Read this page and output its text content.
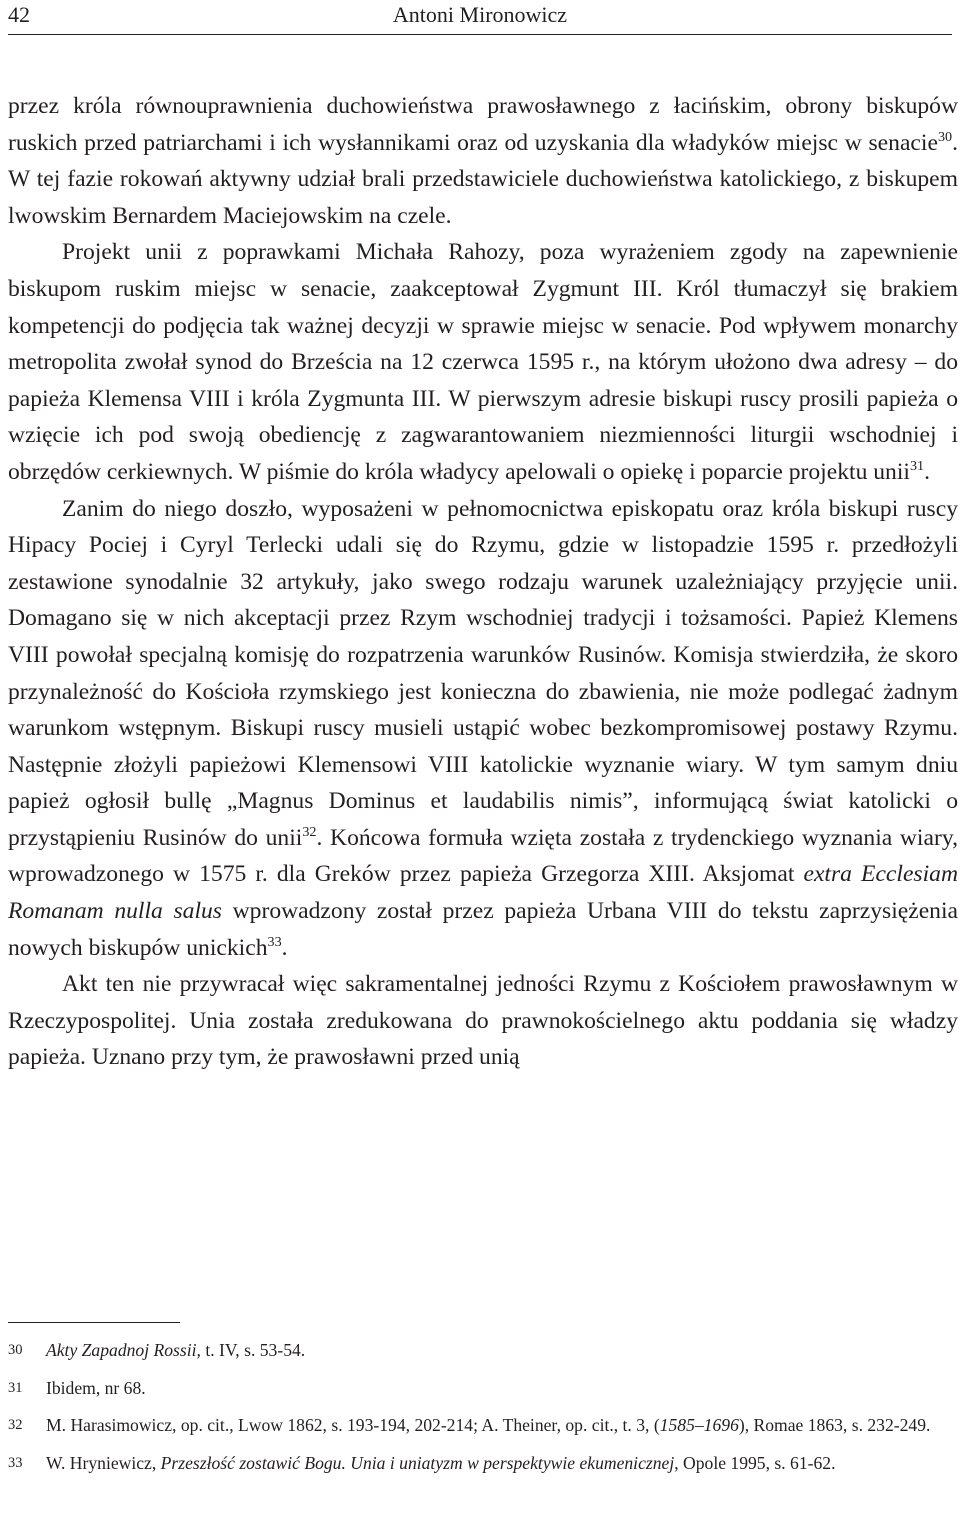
42	Antoni Mironowicz

przez króla równouprawnienia duchowieństwa prawosławnego z łacińskim, obrony biskupów ruskich przed patriarchami i ich wysłannikami oraz od uzyskania dla władyków miejsc w senacie$^{30}$. W tej fazie rokowań aktywny udział brali przedstawiciele duchowieństwa katolickiego, z biskupem lwowskim Bernardem Maciejowskim na czele.

Projekt unii z poprawkami Michała Rahozy, poza wyrażeniem zgody na zapewnienie biskupom ruskim miejsc w senacie, zaakceptował Zygmunt III. Król tłumaczył się brakiem kompetencji do podjęcia tak ważnej decyzji w sprawie miejsc w senacie. Pod wpływem monarchy metropolita zwołał synod do Brześcia na 12 czerwca 1595 r., na którym ułożono dwa adresy – do papieża Klemensa VIII i króla Zygmunta III. W pierwszym adresie biskupi ruscy prosili papieża o wzięcie ich pod swoją obediencję z zagwarantowaniem niezmienności liturgii wschodniej i obrzędów cerkiewnych. W piśmie do króla władycy apelowali o opiekę i poparcie projektu unii$^{31}$.

Zanim do niego doszło, wyposażeni w pełnomocnictwa episkopatu oraz króla biskupi ruscy Hipacy Pociej i Cyryl Terlecki udali się do Rzymu, gdzie w listopadzie 1595 r. przedłożyli zestawione synodalnie 32 artykuły, jako swego rodzaju warunek uzależniający przyjęcie unii. Domagano się w nich akceptacji przez Rzym wschodniej tradycji i tożsamości. Papież Klemens VIII powołał specjalną komisję do rozpatrzenia warunków Rusinów. Komisja stwierdziła, że skoro przynależność do Kościoła rzymskiego jest konieczna do zbawienia, nie może podlegać żadnym warunkom wstępnym. Biskupi ruscy musieli ustąpić wobec bezkompromisowej postawy Rzymu. Następnie złożyli papieżowi Klemensowi VIII katolickie wyznanie wiary. W tym samym dniu papież ogłosił bullę „Magnus Dominus et laudabilis nimis”, informującą świat katolicki o przystąpieniu Rusinów do unii$^{32}$. Końcowa formuła wzięta została z trydenckiego wyznania wiary, wprowadzonego w 1575 r. dla Greków przez papieża Grzegorza XIII. Aksjomat extra Ecclesiam Romanam nulla salus wprowadzony został przez papieża Urbana VIII do tekstu zaprzysiężenia nowych biskupów unickich$^{33}$.

Akt ten nie przywracał więc sakramentalnej jedności Rzymu z Kościołem prawosławnym w Rzeczypospolitej. Unia została zredukowana do prawnokościelnego aktu poddania się władzy papieża. Uznano przy tym, że prawosławni przed unią

30	Akty Zapadnoj Rossii, t. IV, s. 53-54.
31	Ibidem, nr 68.
32	M. Harasimowicz, op. cit., Lwow 1862, s. 193-194, 202-214; A. Theiner, op. cit., t. 3, (1585–1696), Romae 1863, s. 232-249.
33	W. Hryniewicz, Przeszłość zostawić Bogu. Unia i uniatyzm w perspektywie ekumenicznej, Opole 1995, s. 61-62.
